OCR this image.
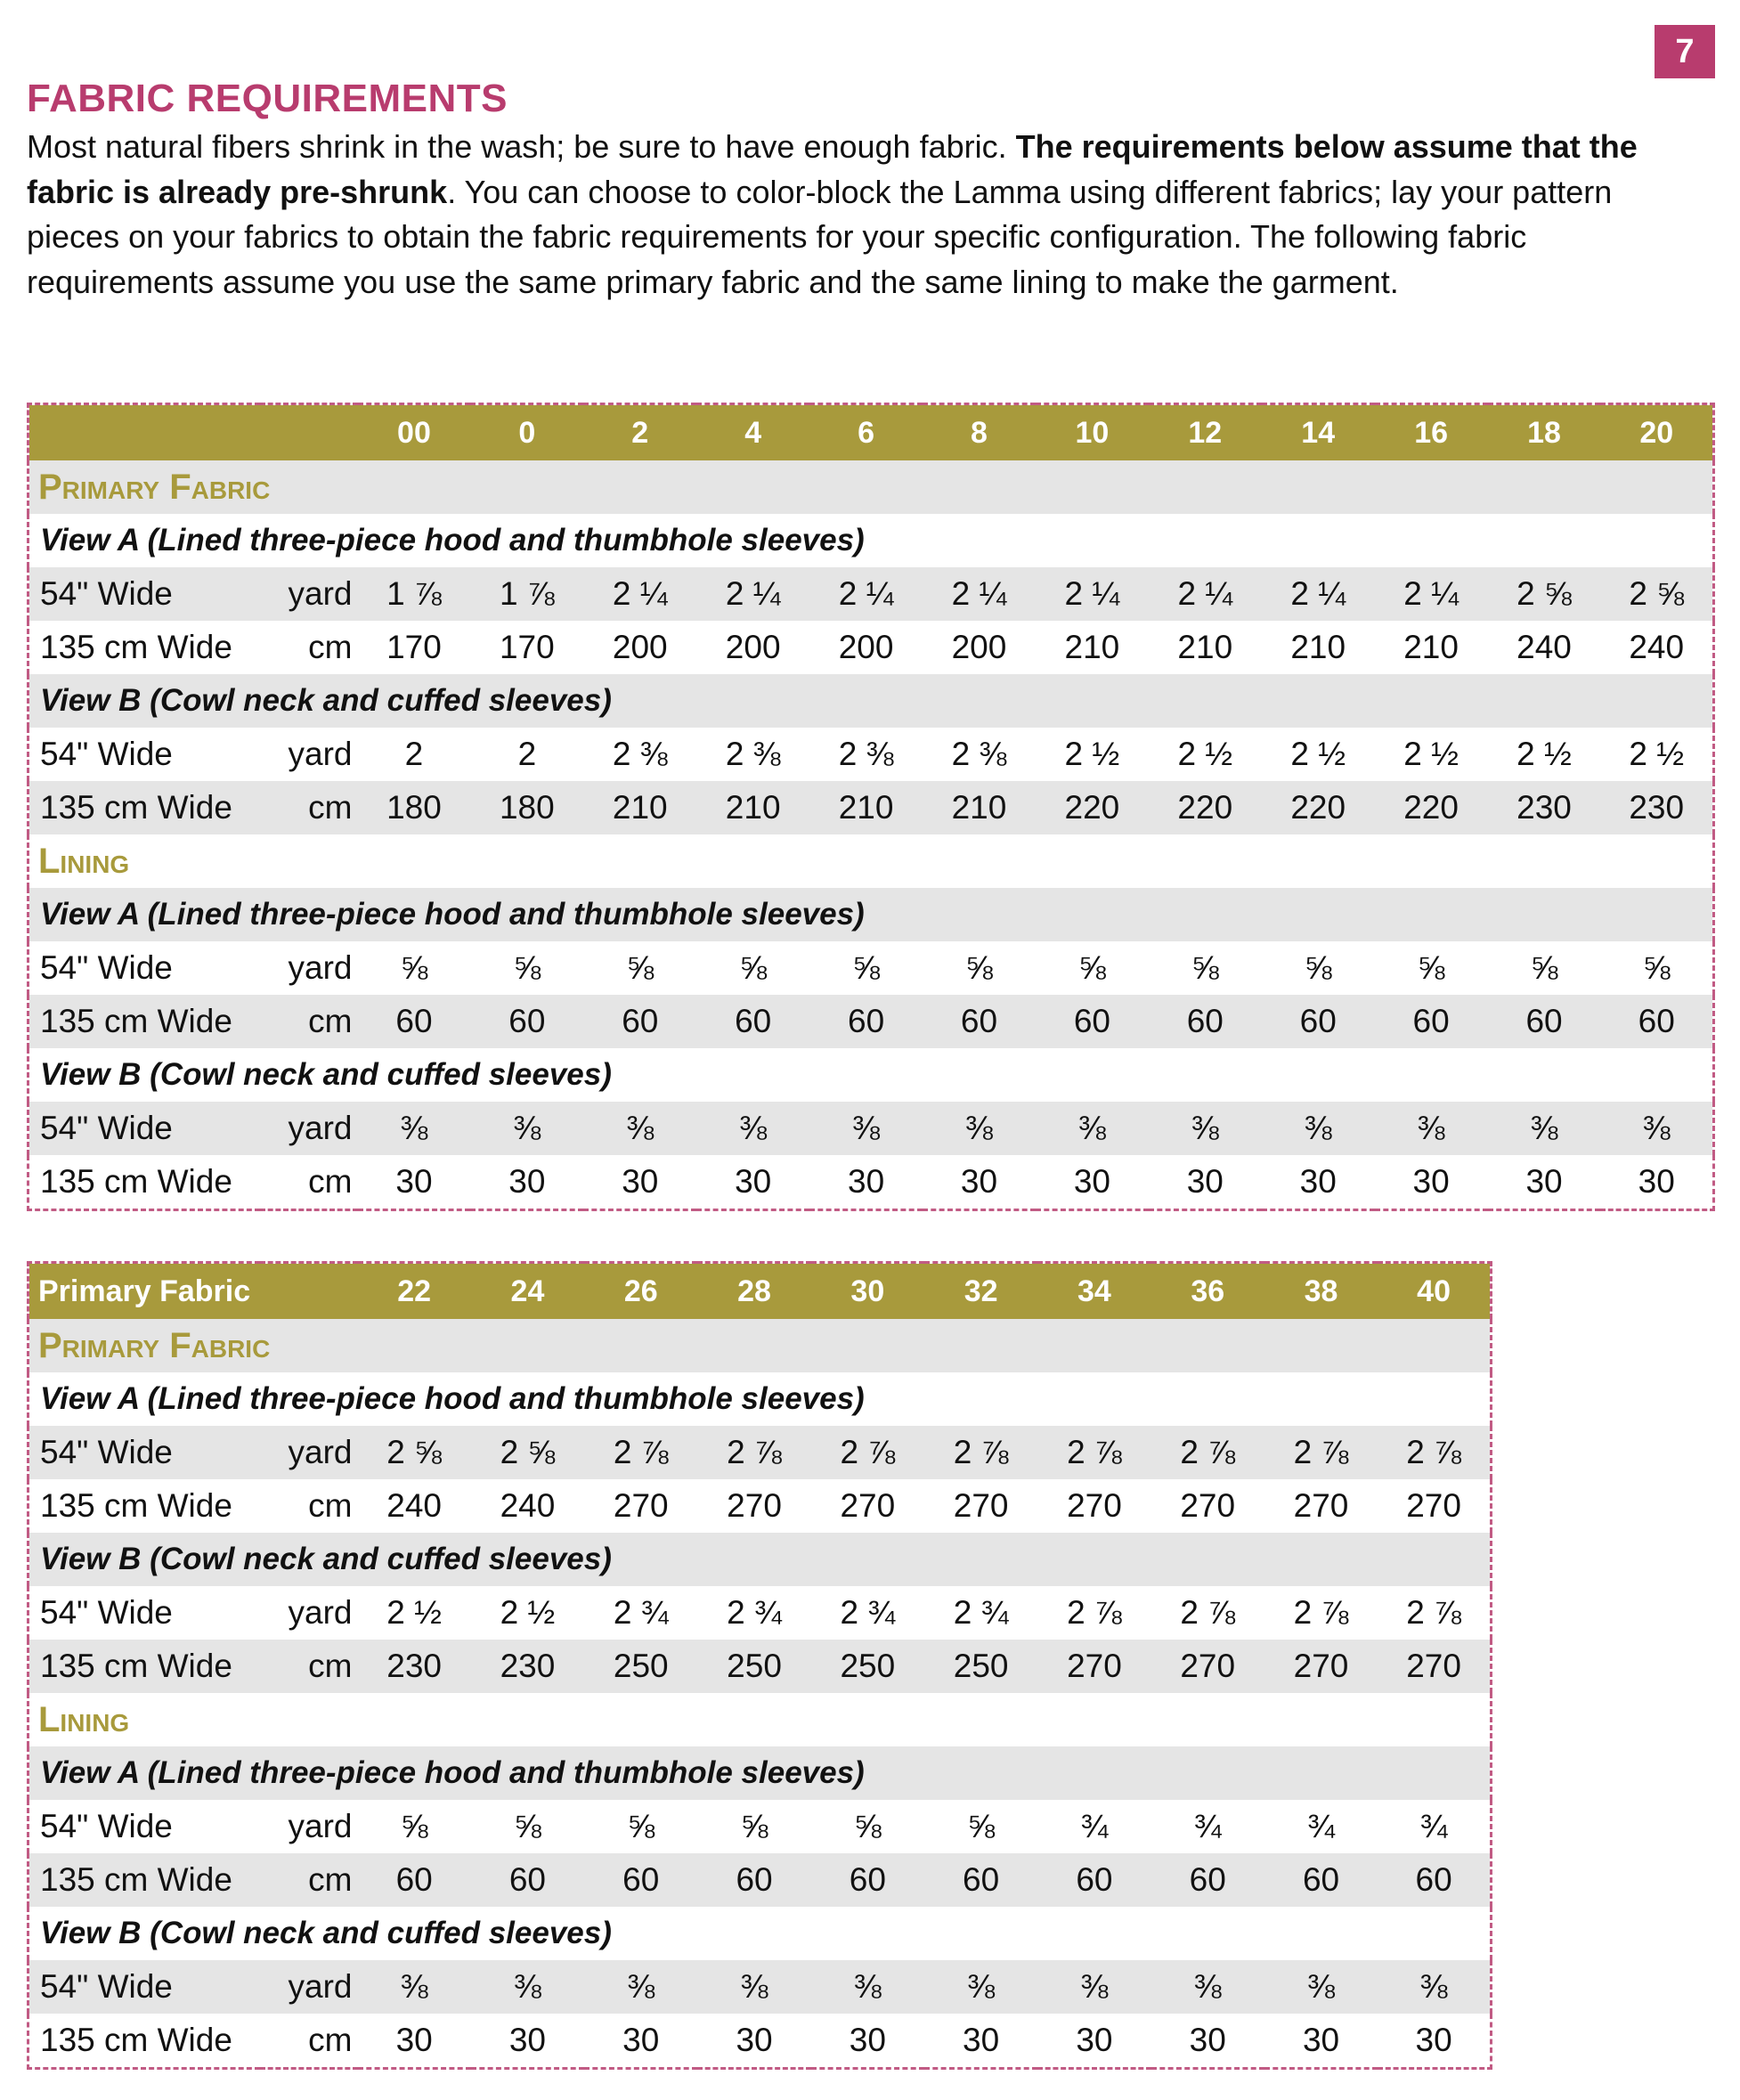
7
FABRIC REQUIREMENTS

Most natural fibers shrink in the wash; be sure to have enough fabric. The requirements below assume that the fabric is already pre-shrunk. You can choose to color-block the Lamma using different fabrics; lay your pattern pieces on your fabrics to obtain the fabric requirements for your specific configuration. The following fabric requirements assume you use the same primary fabric and the same lining to make the garment.

		00	0	2	4	6	8	10	12	14	16	18	20
Primary Fabric													
View A (Lined three-piece hood and thumbhole sleeves)													
54" Wide	yard	1 ⅞	1 ⅞	2 ¼	2 ¼	2 ¼	2 ¼	2 ¼	2 ¼	2 ¼	2 ¼	2 ⅝	2 ⅝
135 cm Wide	cm	170	170	200	200	200	200	210	210	210	210	240	240
View B (Cowl neck and cuffed sleeves)													
54" Wide	yard	2	2	2 ⅜	2 ⅜	2 ⅜	2 ⅜	2 ½	2 ½	2 ½	2 ½	2 ½	2 ½
135 cm Wide	cm	180	180	210	210	210	210	220	220	220	220	230	230
Lining													
View A (Lined three-piece hood and thumbhole sleeves)													
54" Wide	yard	⅝	⅝	⅝	⅝	⅝	⅝	⅝	⅝	⅝	⅝	⅝	⅝
135 cm Wide	cm	60	60	60	60	60	60	60	60	60	60	60	60
View B (Cowl neck and cuffed sleeves)													
54" Wide	yard	⅜	⅜	⅜	⅜	⅜	⅜	⅜	⅜	⅜	⅜	⅜	⅜
135 cm Wide	cm	30	30	30	30	30	30	30	30	30	30	30	30
Primary Fabric		22	24	26	28	30	32	34	36	38	40
Primary Fabric											
View A (Lined three-piece hood and thumbhole sleeves)											
54" Wide	yard	2 ⅝	2 ⅝	2 ⅞	2 ⅞	2 ⅞	2 ⅞	2 ⅞	2 ⅞	2 ⅞	2 ⅞
135 cm Wide	cm	240	240	270	270	270	270	270	270	270	270
View B (Cowl neck and cuffed sleeves)											
54" Wide	yard	2 ½	2 ½	2 ¾	2 ¾	2 ¾	2 ¾	2 ⅞	2 ⅞	2 ⅞	2 ⅞
135 cm Wide	cm	230	230	250	250	250	250	270	270	270	270
Lining											
View A (Lined three-piece hood and thumbhole sleeves)											
54" Wide	yard	⅝	⅝	⅝	⅝	⅝	⅝	¾	¾	¾	¾
135 cm Wide	cm	60	60	60	60	60	60	60	60	60	60
View B (Cowl neck and cuffed sleeves)											
54" Wide	yard	⅜	⅜	⅜	⅜	⅜	⅜	⅜	⅜	⅜	⅜
135 cm Wide	cm	30	30	30	30	30	30	30	30	30	30
